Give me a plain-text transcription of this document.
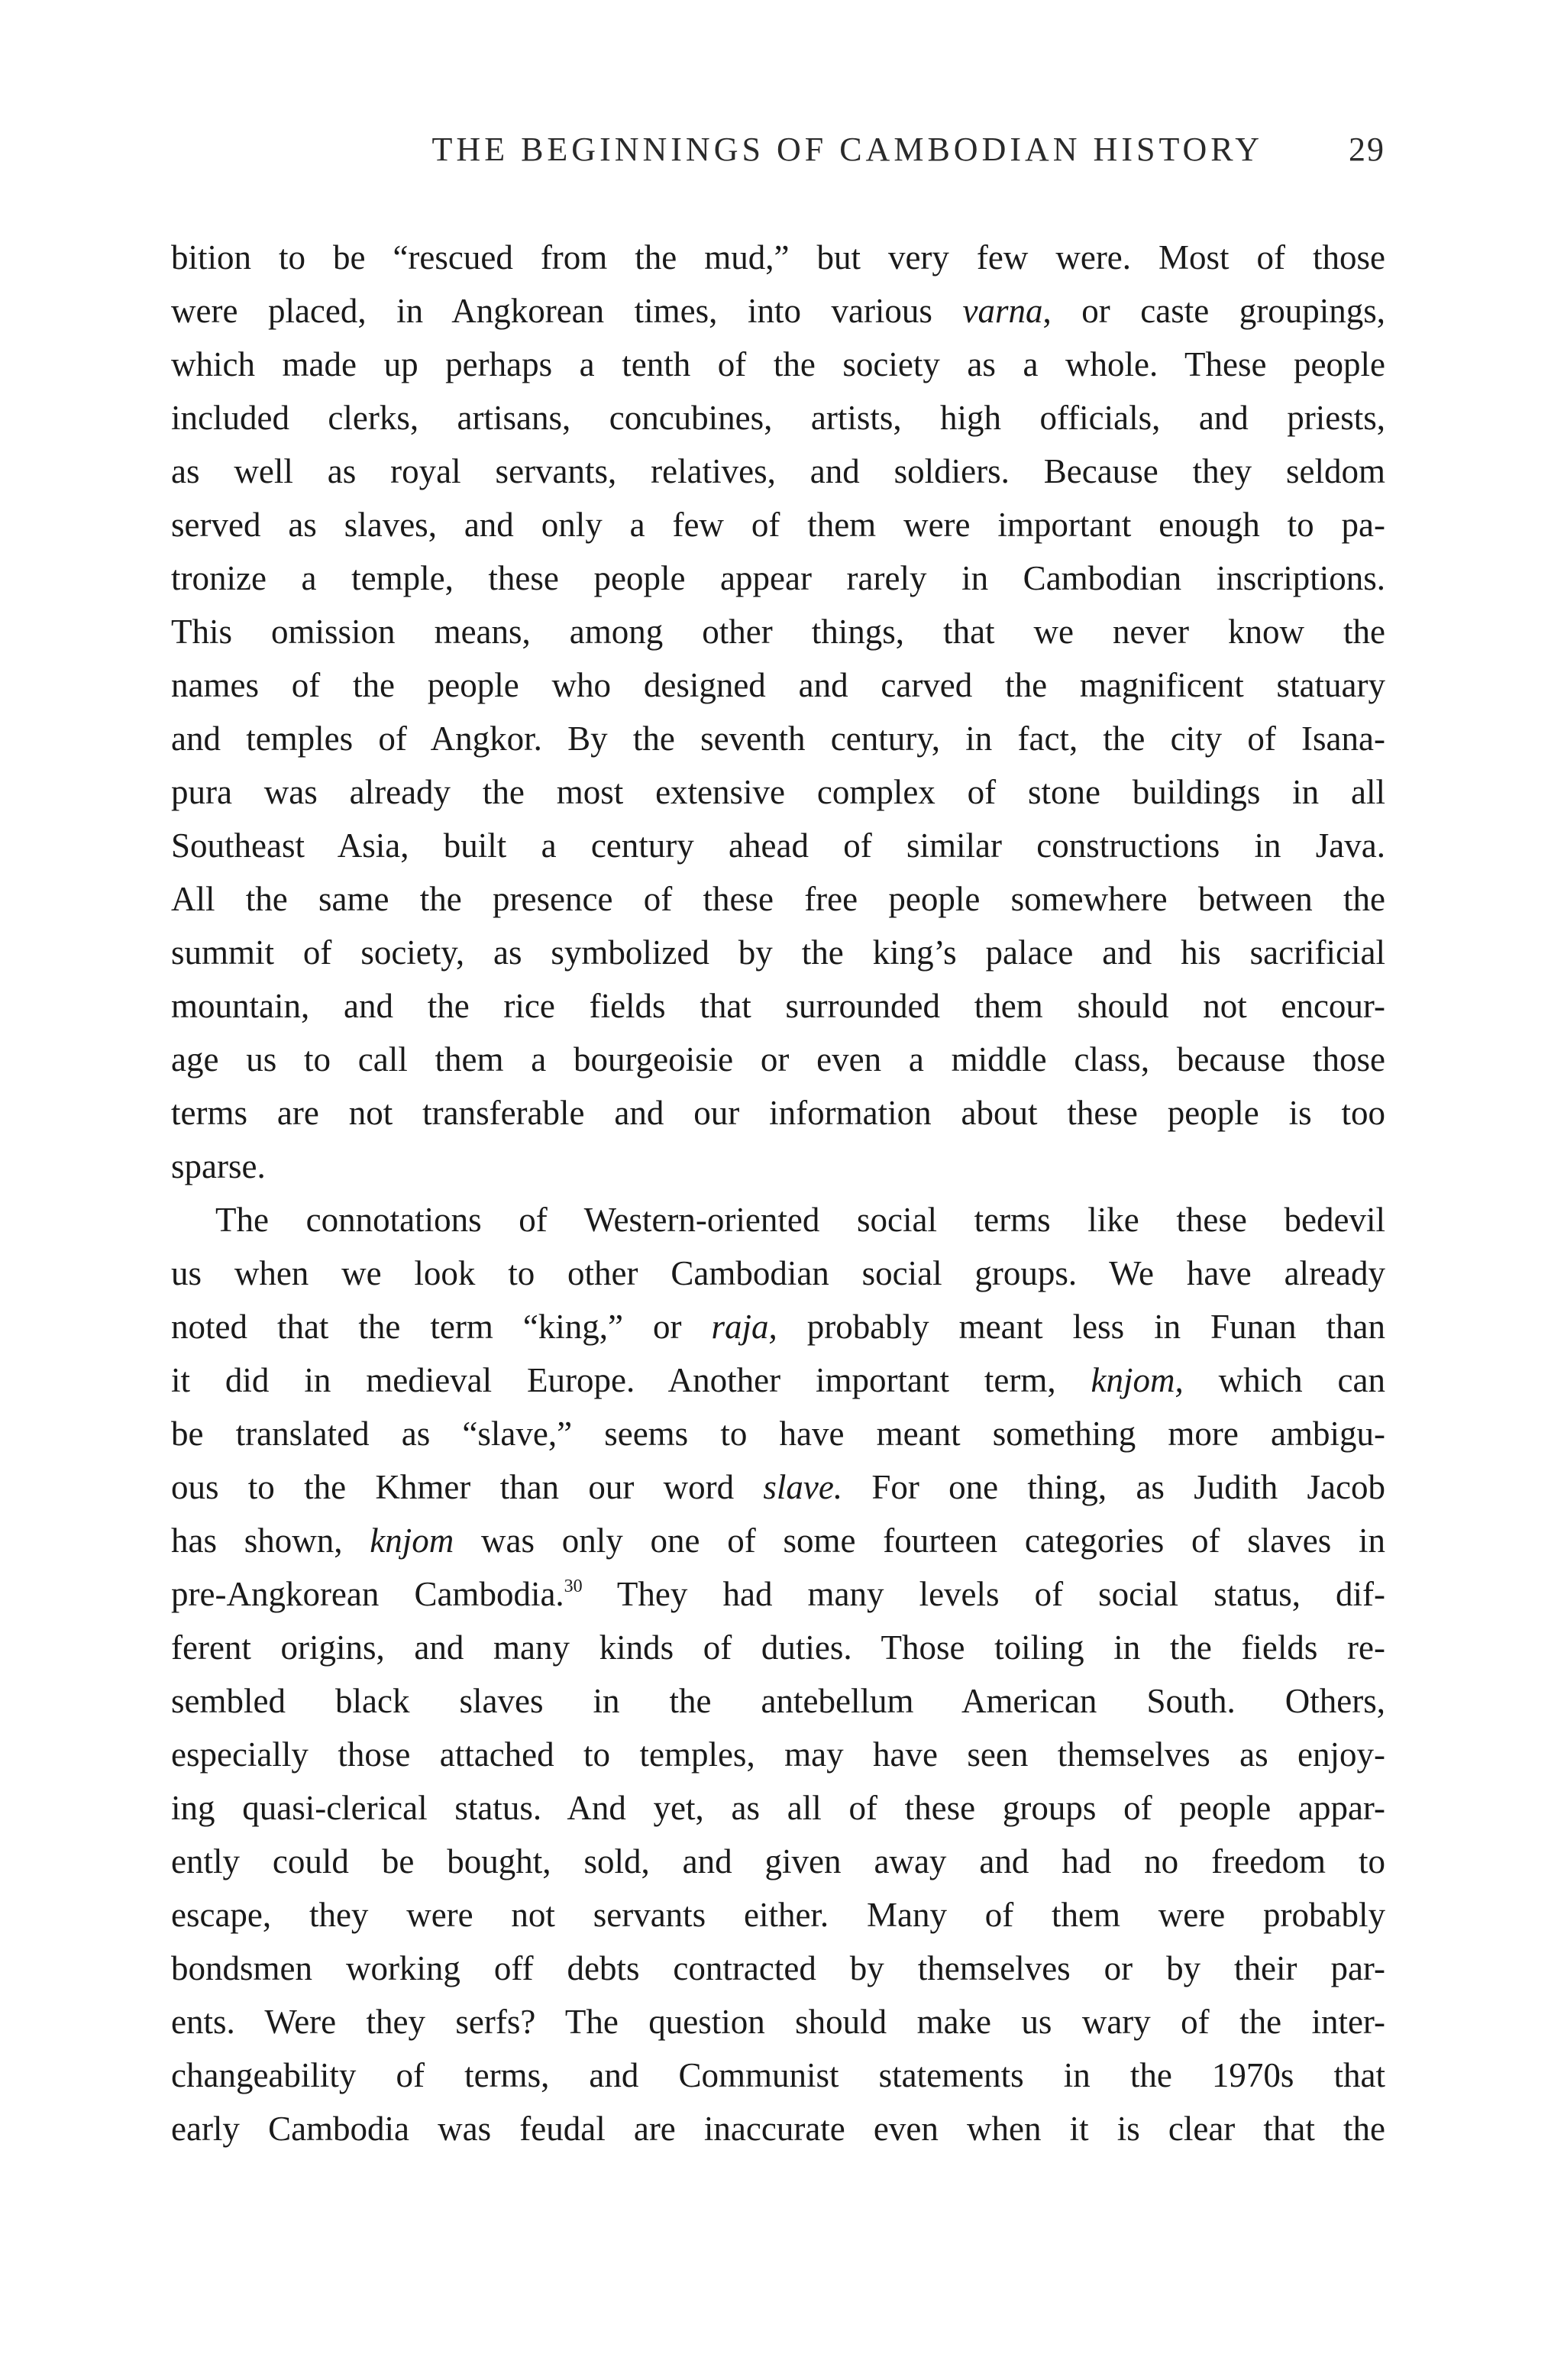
THE BEGINNINGS OF CAMBODIAN HISTORY	29
bition to be “rescued from the mud,” but very few were. Most of those
were placed, in Angkorean times, into various varna, or caste groupings,
which made up perhaps a tenth of the society as a whole. These people
included clerks, artisans, concubines, artists, high officials, and priests,
as well as royal servants, relatives, and soldiers. Because they seldom
served as slaves, and only a few of them were important enough to pa-
tronize a temple, these people appear rarely in Cambodian inscriptions.
This omission means, among other things, that we never know the
names of the people who designed and carved the magnificent statuary
and temples of Angkor. By the seventh century, in fact, the city of Isana-
pura was already the most extensive complex of stone buildings in all
Southeast Asia, built a century ahead of similar constructions in Java.
All the same the presence of these free people somewhere between the
summit of society, as symbolized by the king’s palace and his sacrificial
mountain, and the rice fields that surrounded them should not encour-
age us to call them a bourgeoisie or even a middle class, because those
terms are not transferable and our information about these people is too
sparse.
The connotations of Western-oriented social terms like these bedevil
us when we look to other Cambodian social groups. We have already
noted that the term “king,” or raja, probably meant less in Funan than
it did in medieval Europe. Another important term, knjom, which can
be translated as “slave,” seems to have meant something more ambigu-
ous to the Khmer than our word slave. For one thing, as Judith Jacob
has shown, knjom was only one of some fourteen categories of slaves in
pre-Angkorean Cambodia.$^{30}$ They had many levels of social status, dif-
ferent origins, and many kinds of duties. Those toiling in the fields re-
sembled black slaves in the antebellum American South. Others,
especially those attached to temples, may have seen themselves as enjoy-
ing quasi-clerical status. And yet, as all of these groups of people appar-
ently could be bought, sold, and given away and had no freedom to
escape, they were not servants either. Many of them were probably
bondsmen working off debts contracted by themselves or by their par-
ents. Were they serfs? The question should make us wary of the inter-
changeability of terms, and Communist statements in the 1970s that
early Cambodia was feudal are inaccurate even when it is clear that the
